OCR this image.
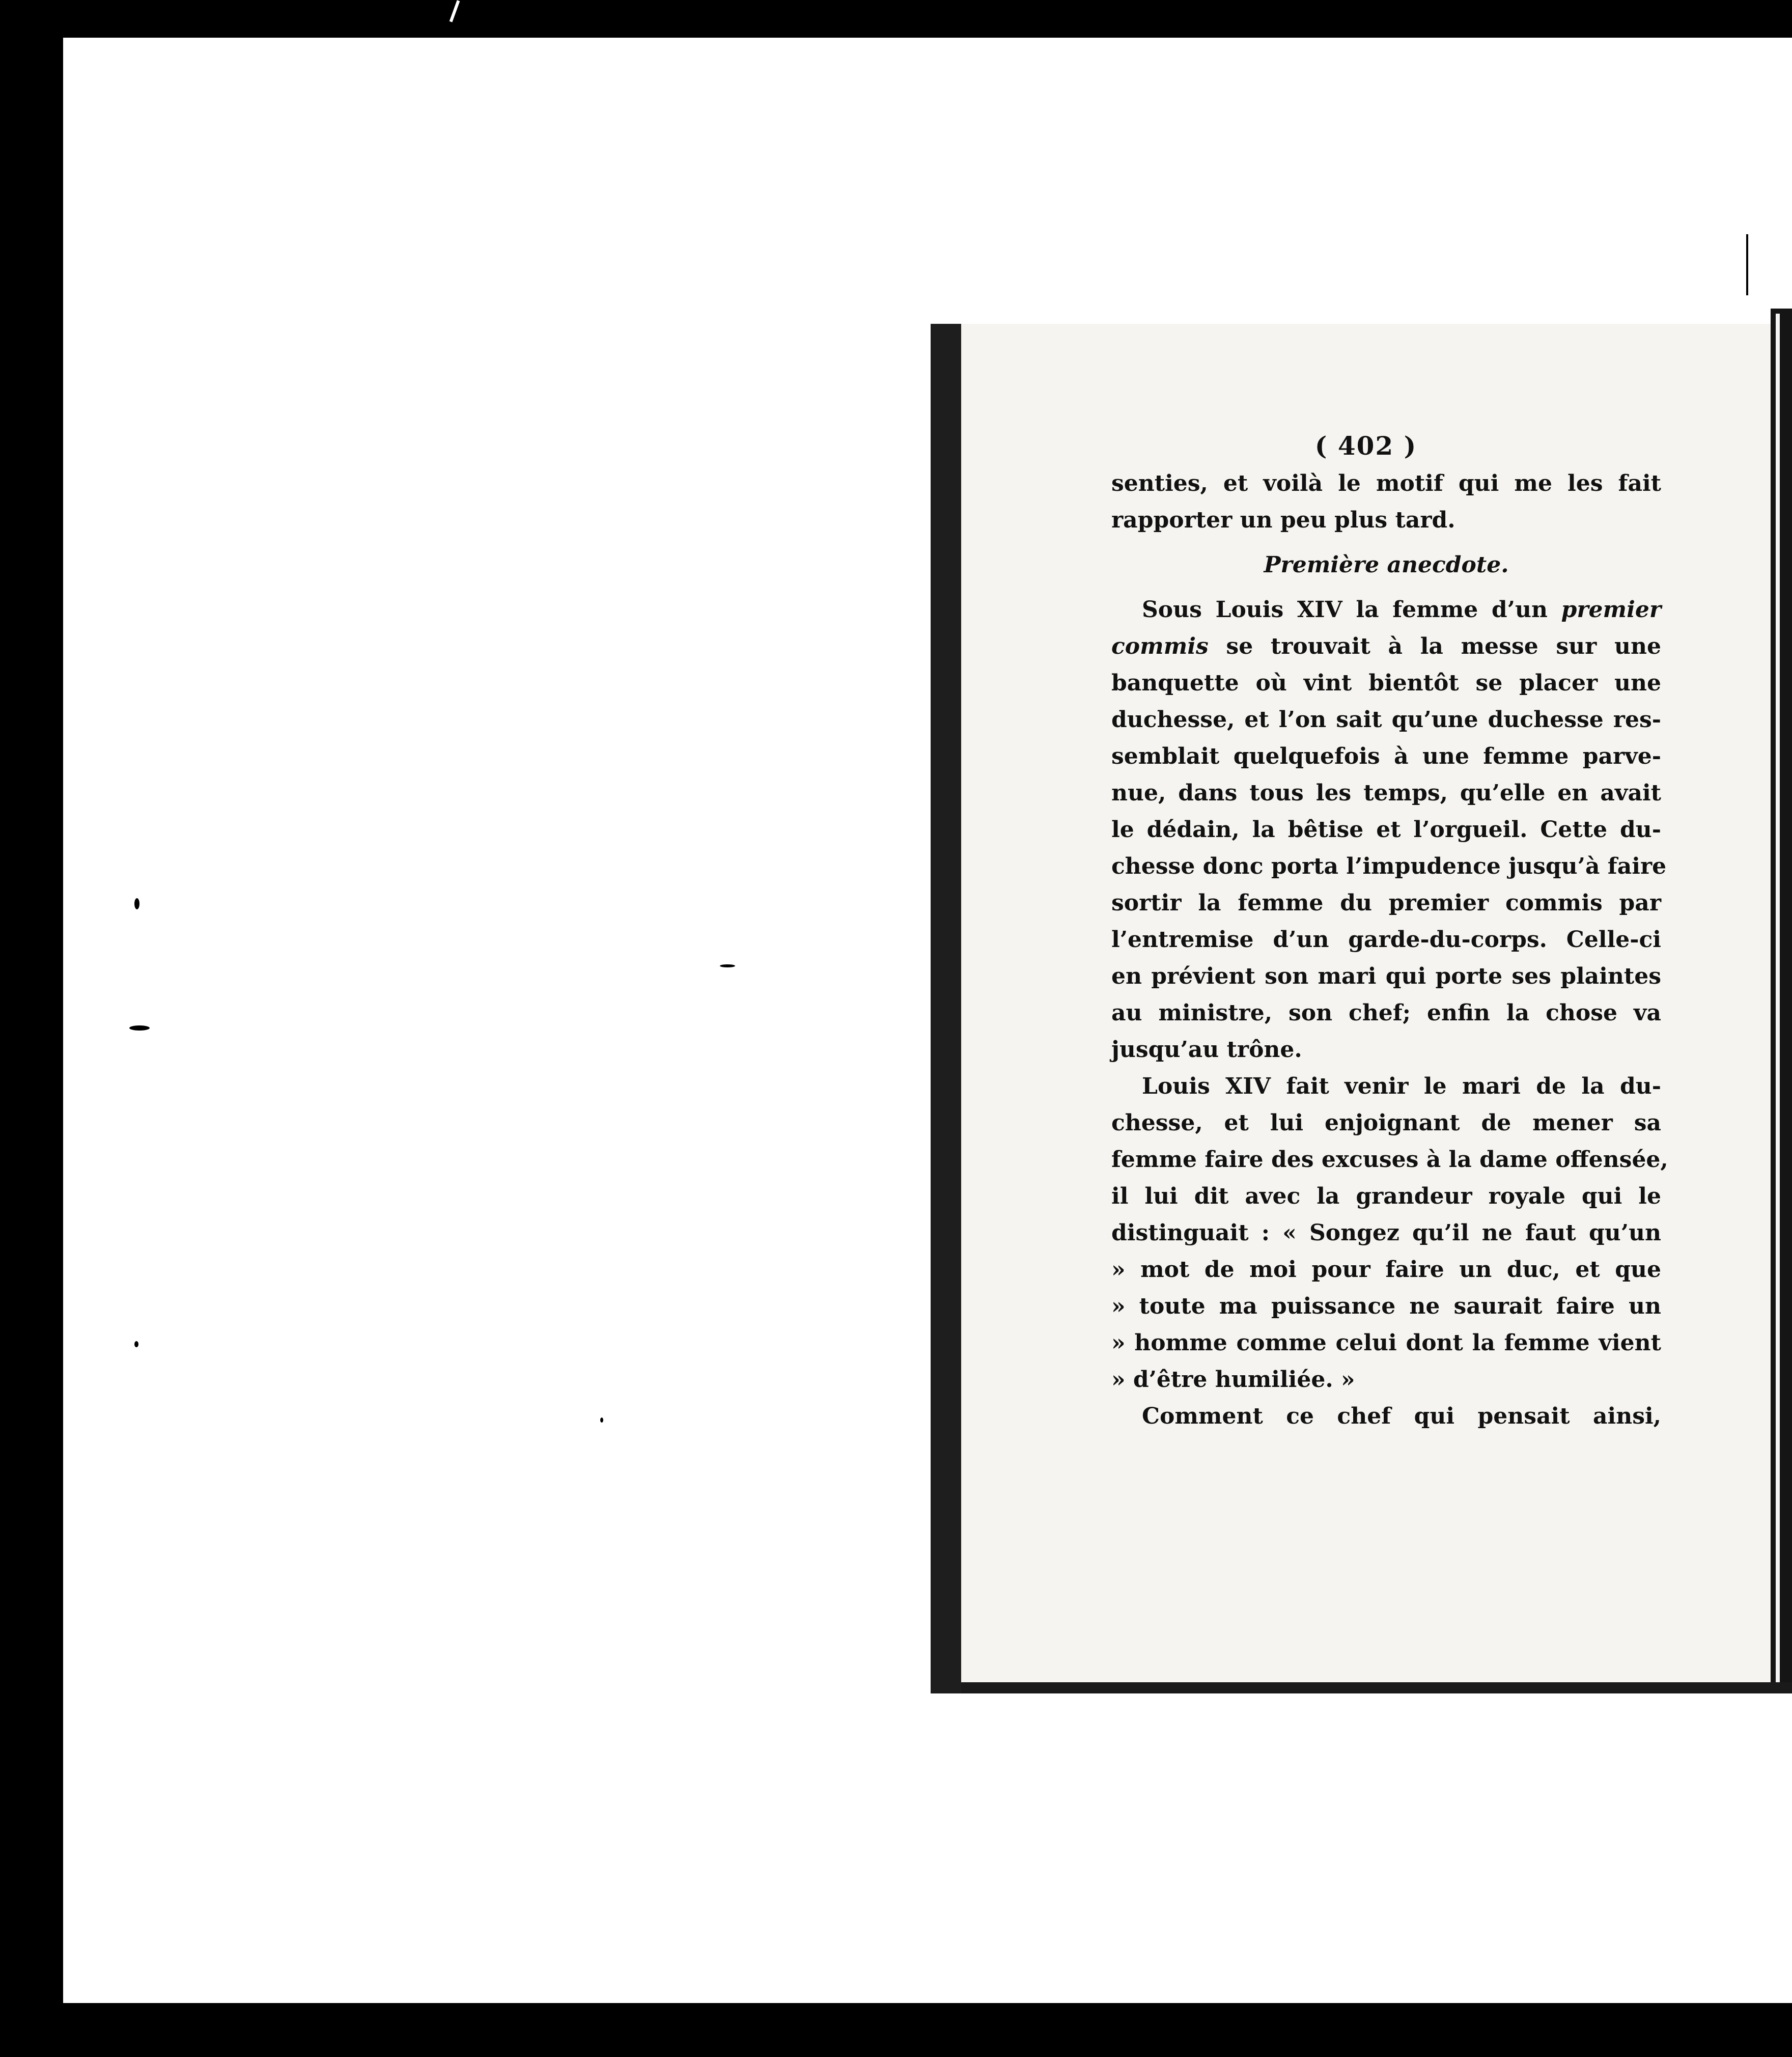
( 402 )
senties, et voilà le motif qui me les fait
rapporter un peu plus tard.
Première anecdote.
Sous Louis XIV la femme d’un premier
commis se trouvait à la messe sur une
banquette où vint bientôt se placer une
duchesse, et l’on sait qu’une duchesse res-
semblait quelquefois à une femme parve-
nue, dans tous les temps, qu’elle en avait
le dédain, la bêtise et l’orgueil. Cette du-
chesse donc porta l’impudence jusqu’à faire
sortir la femme du premier commis par
l’entremise d’un garde-du-corps. Celle-ci
en prévient son mari qui porte ses plaintes
au ministre, son chef; enfin la chose va
jusqu’au trône.
Louis XIV fait venir le mari de la du-
chesse, et lui enjoignant de mener sa
femme faire des excuses à la dame offensée,
il lui dit avec la grandeur royale qui le
distinguait : « Songez qu’il ne faut qu’un
» mot de moi pour faire un duc, et que
» toute ma puissance ne saurait faire un
» homme comme celui dont la femme vient
» d’être humiliée. »
Comment ce chef qui pensait ainsi,
